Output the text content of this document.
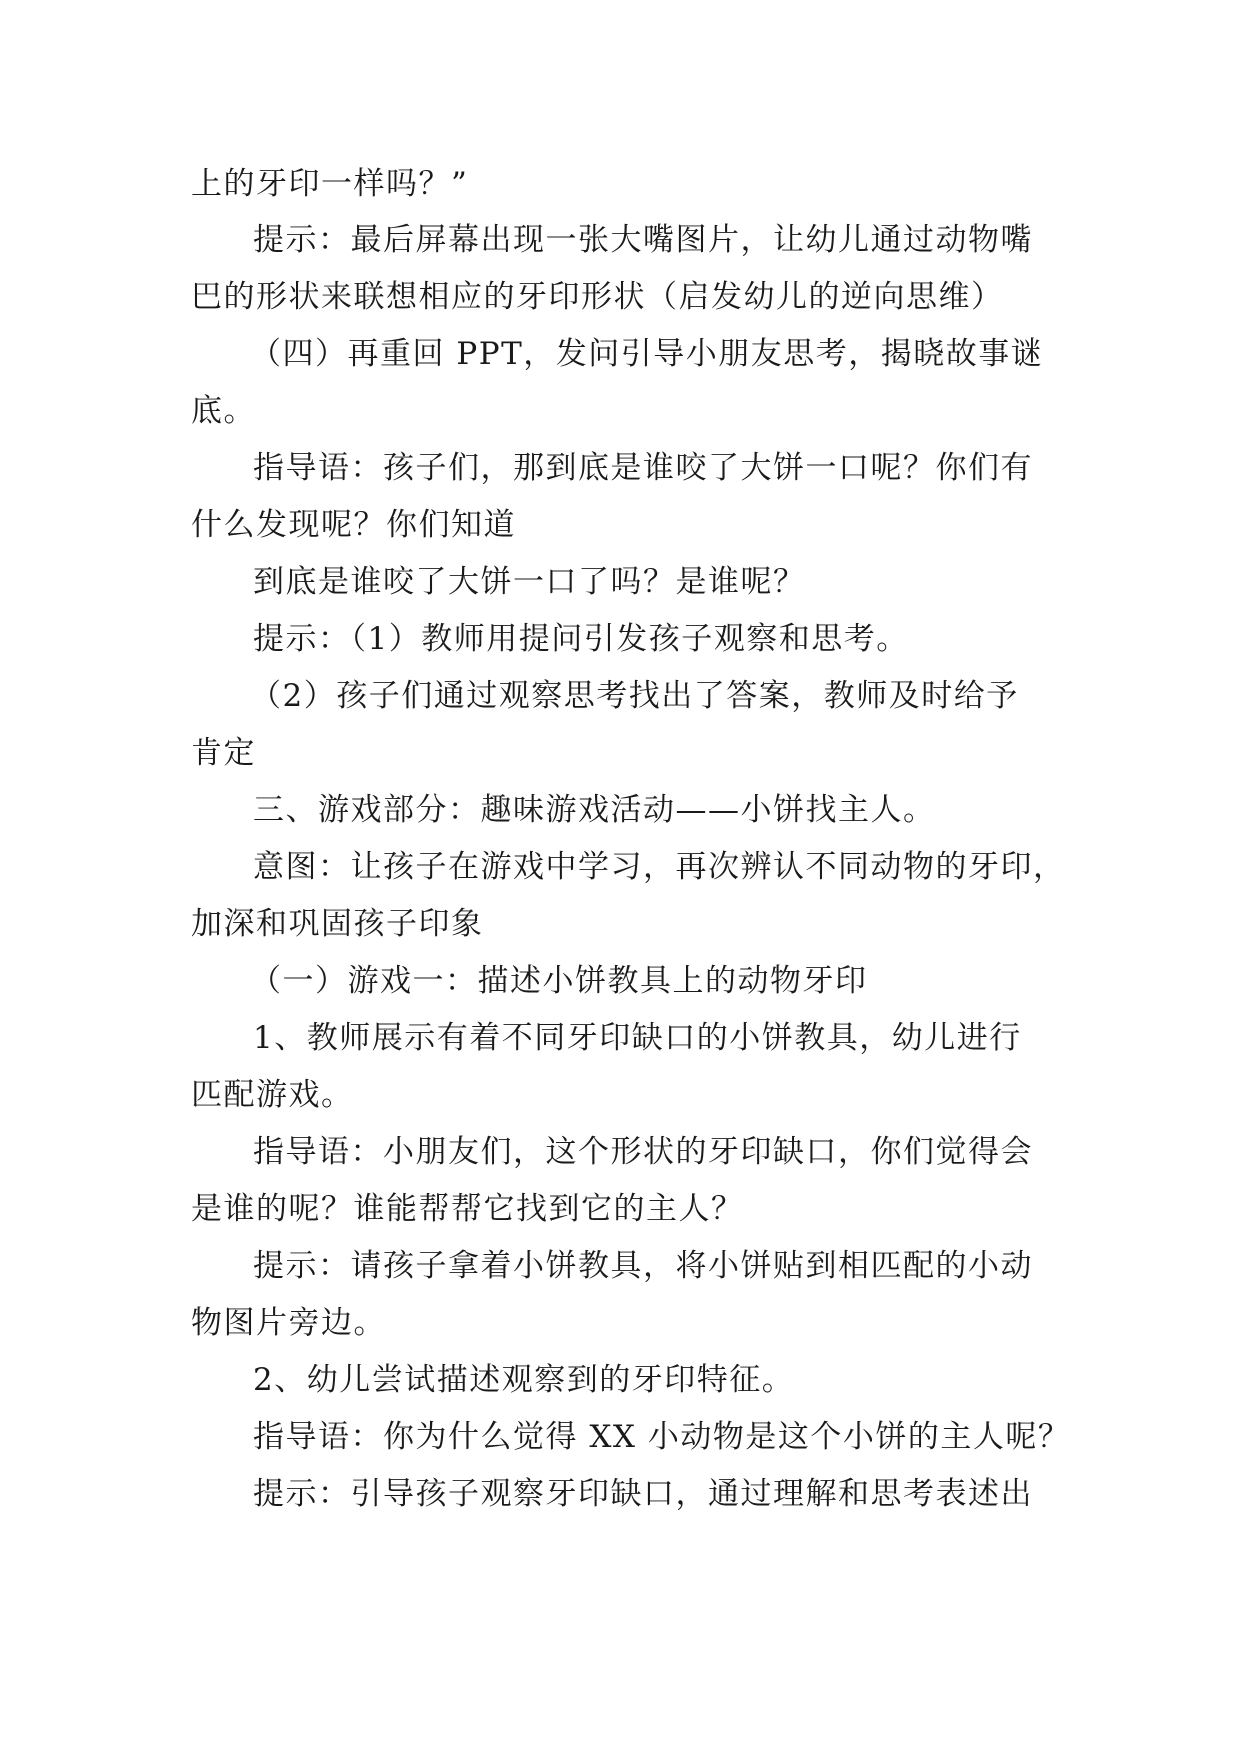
上的牙印一样吗？”
提示：最后屏幕出现一张大嘴图片，让幼儿通过动物嘴
巴的形状来联想相应的牙印形状（启发幼儿的逆向思维）
（四）再重回 PPT，发问引导小朋友思考，揭晓故事谜
底。
指导语：孩子们，那到底是谁咬了大饼一口呢？你们有
什么发现呢？你们知道
到底是谁咬了大饼一口了吗？是谁呢？
提示：（1）教师用提问引发孩子观察和思考。
（2）孩子们通过观察思考找出了答案，教师及时给予
肯定
三、游戏部分：趣味游戏活动——小饼找主人。
意图：让孩子在游戏中学习，再次辨认不同动物的牙印，
加深和巩固孩子印象
（一）游戏一：描述小饼教具上的动物牙印
1、教师展示有着不同牙印缺口的小饼教具，幼儿进行
匹配游戏。
指导语：小朋友们，这个形状的牙印缺口，你们觉得会
是谁的呢？谁能帮帮它找到它的主人？
提示：请孩子拿着小饼教具，将小饼贴到相匹配的小动
物图片旁边。
2、幼儿尝试描述观察到的牙印特征。
指导语：你为什么觉得 XX 小动物是这个小饼的主人呢？
提示：引导孩子观察牙印缺口，通过理解和思考表述出
